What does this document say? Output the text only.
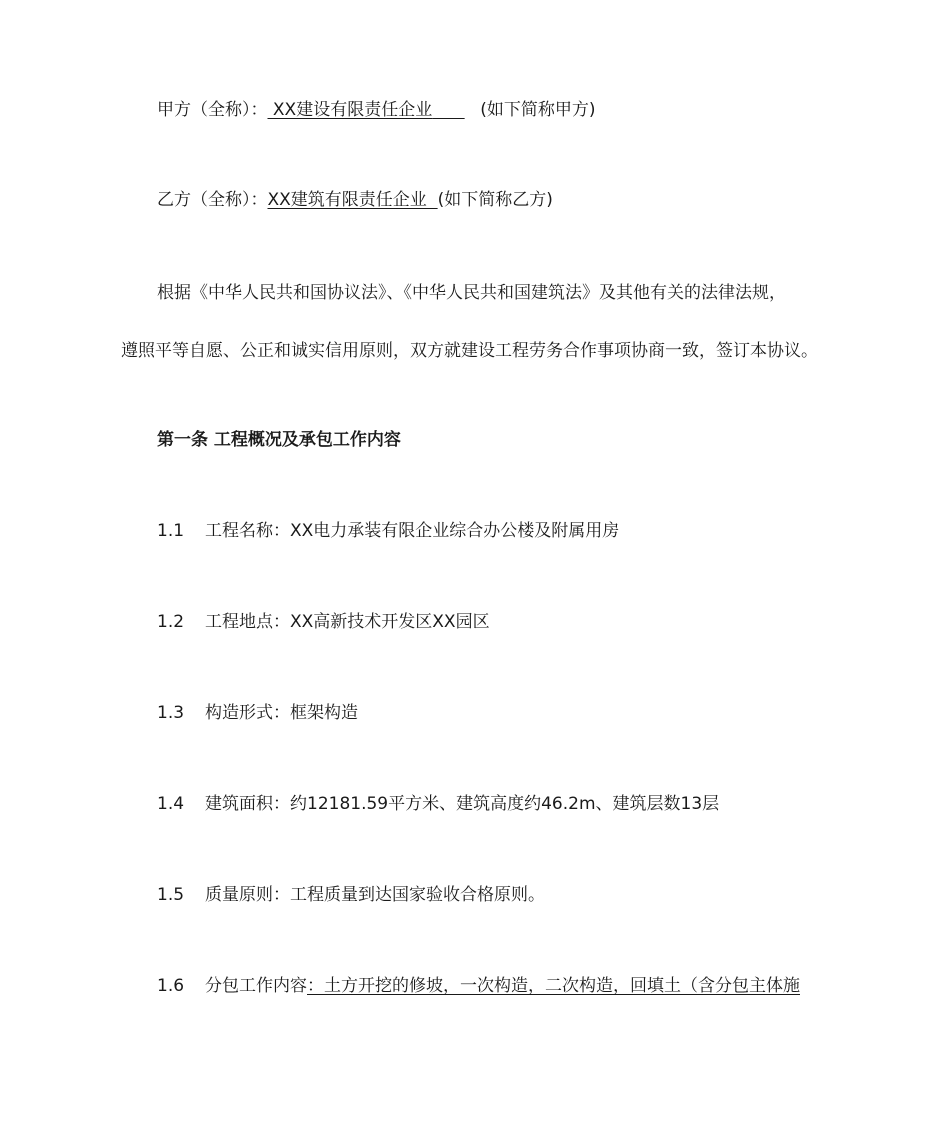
甲方（全称）： XX建设有限责任企业	(如下简称甲方)
乙方（全称）：XX建筑有限责任企业  (如下简称乙方)
根据《中华人民共和国协议法》、《中华人民共和国建筑法》及其他有关的法律法规，
遵照平等自愿、公正和诚实信用原则，双方就建设工程劳务合作事项协商一致，签订本协议。
第一条 工程概况及承包工作内容
1.1 工程名称：XX电力承装有限企业综合办公楼及附属用房
1.2 工程地点：XX高新技术开发区XX园区
1.3 构造形式：框架构造
1.4 建筑面积：约12181.59平方米、建筑高度约46.2m、建筑层数13层
1.5 质量原则：工程质量到达国家验收合格原则。
1.6 分包工作内容：土方开挖的修坡，一次构造，二次构造，回填土（含分包主体施
